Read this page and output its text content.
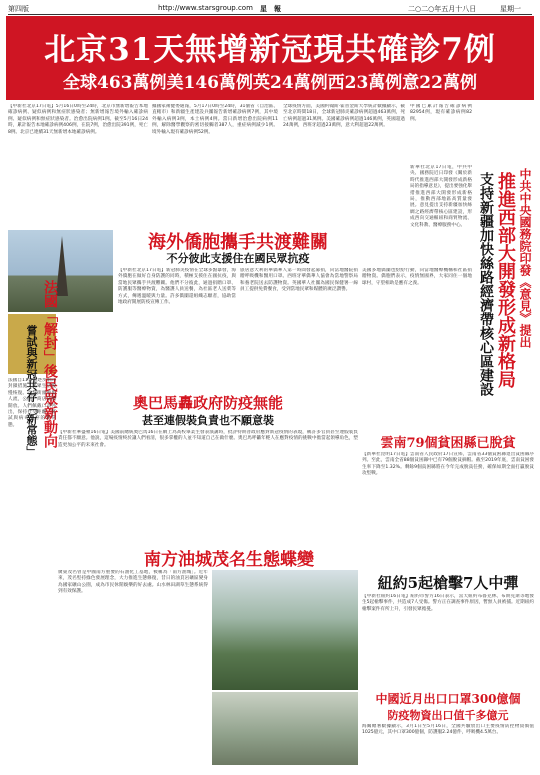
第四版	http://www.starsgroup.com 星　報	二○二○年五月十八日	星期一
北京31天無增新冠現共確診7例
全球463萬例美146萬例英24萬例西23萬例意22萬例
【中新社北京17日電】5月16日0時至24時，北京市無新增報告本地確診病例、疑似病例和無症狀感染者；無新增報告境外輸入確診病例、疑似病例和無症狀感染者。治愈出院病例1例。截至5月16日24時，累計報告本地確診病例406例，在院7例，治愈出院391例，死亡8例。北京已連續31天無新增本地確診病例。
據國家衛健委通報，5月17日0時至24時，31個省（自治區、直轄市）和新疆生產建設兵團報告新增確診病例7例，其中境外輸入病例3例，本土病例4例。當日新增治愈出院病例11例，解除醫學觀察的密切接觸者387人，重症病例減少1例。境外輸入現有確診病例52例。
全球疫情方面，美國約翰斯·霍普金斯大學統計數據顯示，截至北京時間18日，全球新冠肺炎確診病例超過463萬例，死亡病例超過31萬例。美國確診病例超過146萬例，英國超過24萬例，西班牙超過23萬例，意大利超過22萬例。
中國已累計報告確診病例82954例，現有確診病例82例。
中共中央國務院印發《意見》提出
推進西部大開發形成新格局
支持新疆加快絲路經濟帶核心區建設
新華社北京17日電，中共中央、國務院近日印發《關於新時代推進西部大開發形成新格局的指導意見》，提出要強化舉措推進西部大開發形成新格局，推動西部地區高質量發展。意見提出支持新疆加快絲綢之路經濟帶核心區建設，形成西向交通樞紐和商貿物流、文化科教、醫療服務中心。
海外僑胞攜手共渡難關
不分彼此支援住在國民眾抗疫
法國「解封」後民眾新動向
嘗試與新冠共存「新常態」
【中新社北京17日電】新冠肺炎疫情在全球多點暴發，海外僑胞在做好自身防護的同時，積極支援住在國抗疫，與當地民眾攜手共渡難關。他們不分彼此，通過捐贈口罩、防護服等醫療物資，為醫護人員送餐，為社區老人送菜等方式，傳遞溫暖與力量。許多僑團還組織志願者，協助當地政府開展防疫宣傳工作。
旅居意大利的華僑華人第一時間發起募捐，向當地醫院捐贈呼吸機和醫用口罩。西班牙華僑華人協會為當地警察局和養老院送去防護物資。英國華人社團為國民保健署一線員工提供免費餐食，受到當地民眾和媒體的廣泛讚譽。
美國多地僑團也紛紛行動，向當地醫療機構和社區捐贈物資。僑胞們表示，疫情無國界，大家同住一個地球村，守望相助是應有之義。
雲南79個貧困縣已脫貧
【新華社昆明17日電】雲南省人民政府17日宣佈，雲南省33個貧困縣退出貧困縣序列。至此，雲南全省88個貧困縣中已有79個脫貧摘帽。截至2019年底，雲南貧困發生率下降至1.32%。剩餘9個貧困縣將在今年完成脫貧任務，確保如期全面打贏脫貧攻堅戰。
奧巴馬轟政府防疫無能
甚至連假裝負責也不願意裝
【中新社華盛頓16日電】美國前總統奧巴馬16日在網上為高校畢業生發表演講時，批評特朗普政府應對新冠疫情的表現，稱許多官員甚至連假裝負責任都不願意。他說，這場疫情終於讓人們看清，很多掌權的人並不知道自己在做什麼。奧巴馬呼籲年輕人在應對疫情的挑戰中擔當起領導角色，塑造更加公平的未來社會。
法國自11日起逐步解除封鎖措施，民眾生活慢慢恢復。巴黎街頭重現人流，公園、商店陸續開放。人們佩戴口罩外出，保持社交距離，嘗試與病毒共存的新常態。
南方油城茂名生態蝶變
廣東茂名曾是中國南方重要的石油化工基地，被稱為「南方油城」。近年來，茂名堅持綠色發展理念，大力推進生態修復，昔日的油頁岩礦區變身為國家礦山公園，成為市民休閒娛樂的好去處。山水林田湖草生態系統得到有效保護。	紐約5起槍擊7人中彈
【中新社紐約16日電】紐約市警方16日表示，當天紐約布魯克林、布朗克斯等地發生5起槍擊事件，共造成7人受傷。警方正在調查事件原因，暫無人員被捕。近期紐約槍擊案件有所上升，引發民眾擔憂。
中國近月出口口罩300億個
防疫物資出口值千多億元
海關總署數據顯示，3月1日至5月16日，全國共驗放出口主要疫情防控物資價值1025億元，其中口罩300億個，防護服2.24億件，呼吸機4.5萬台。
